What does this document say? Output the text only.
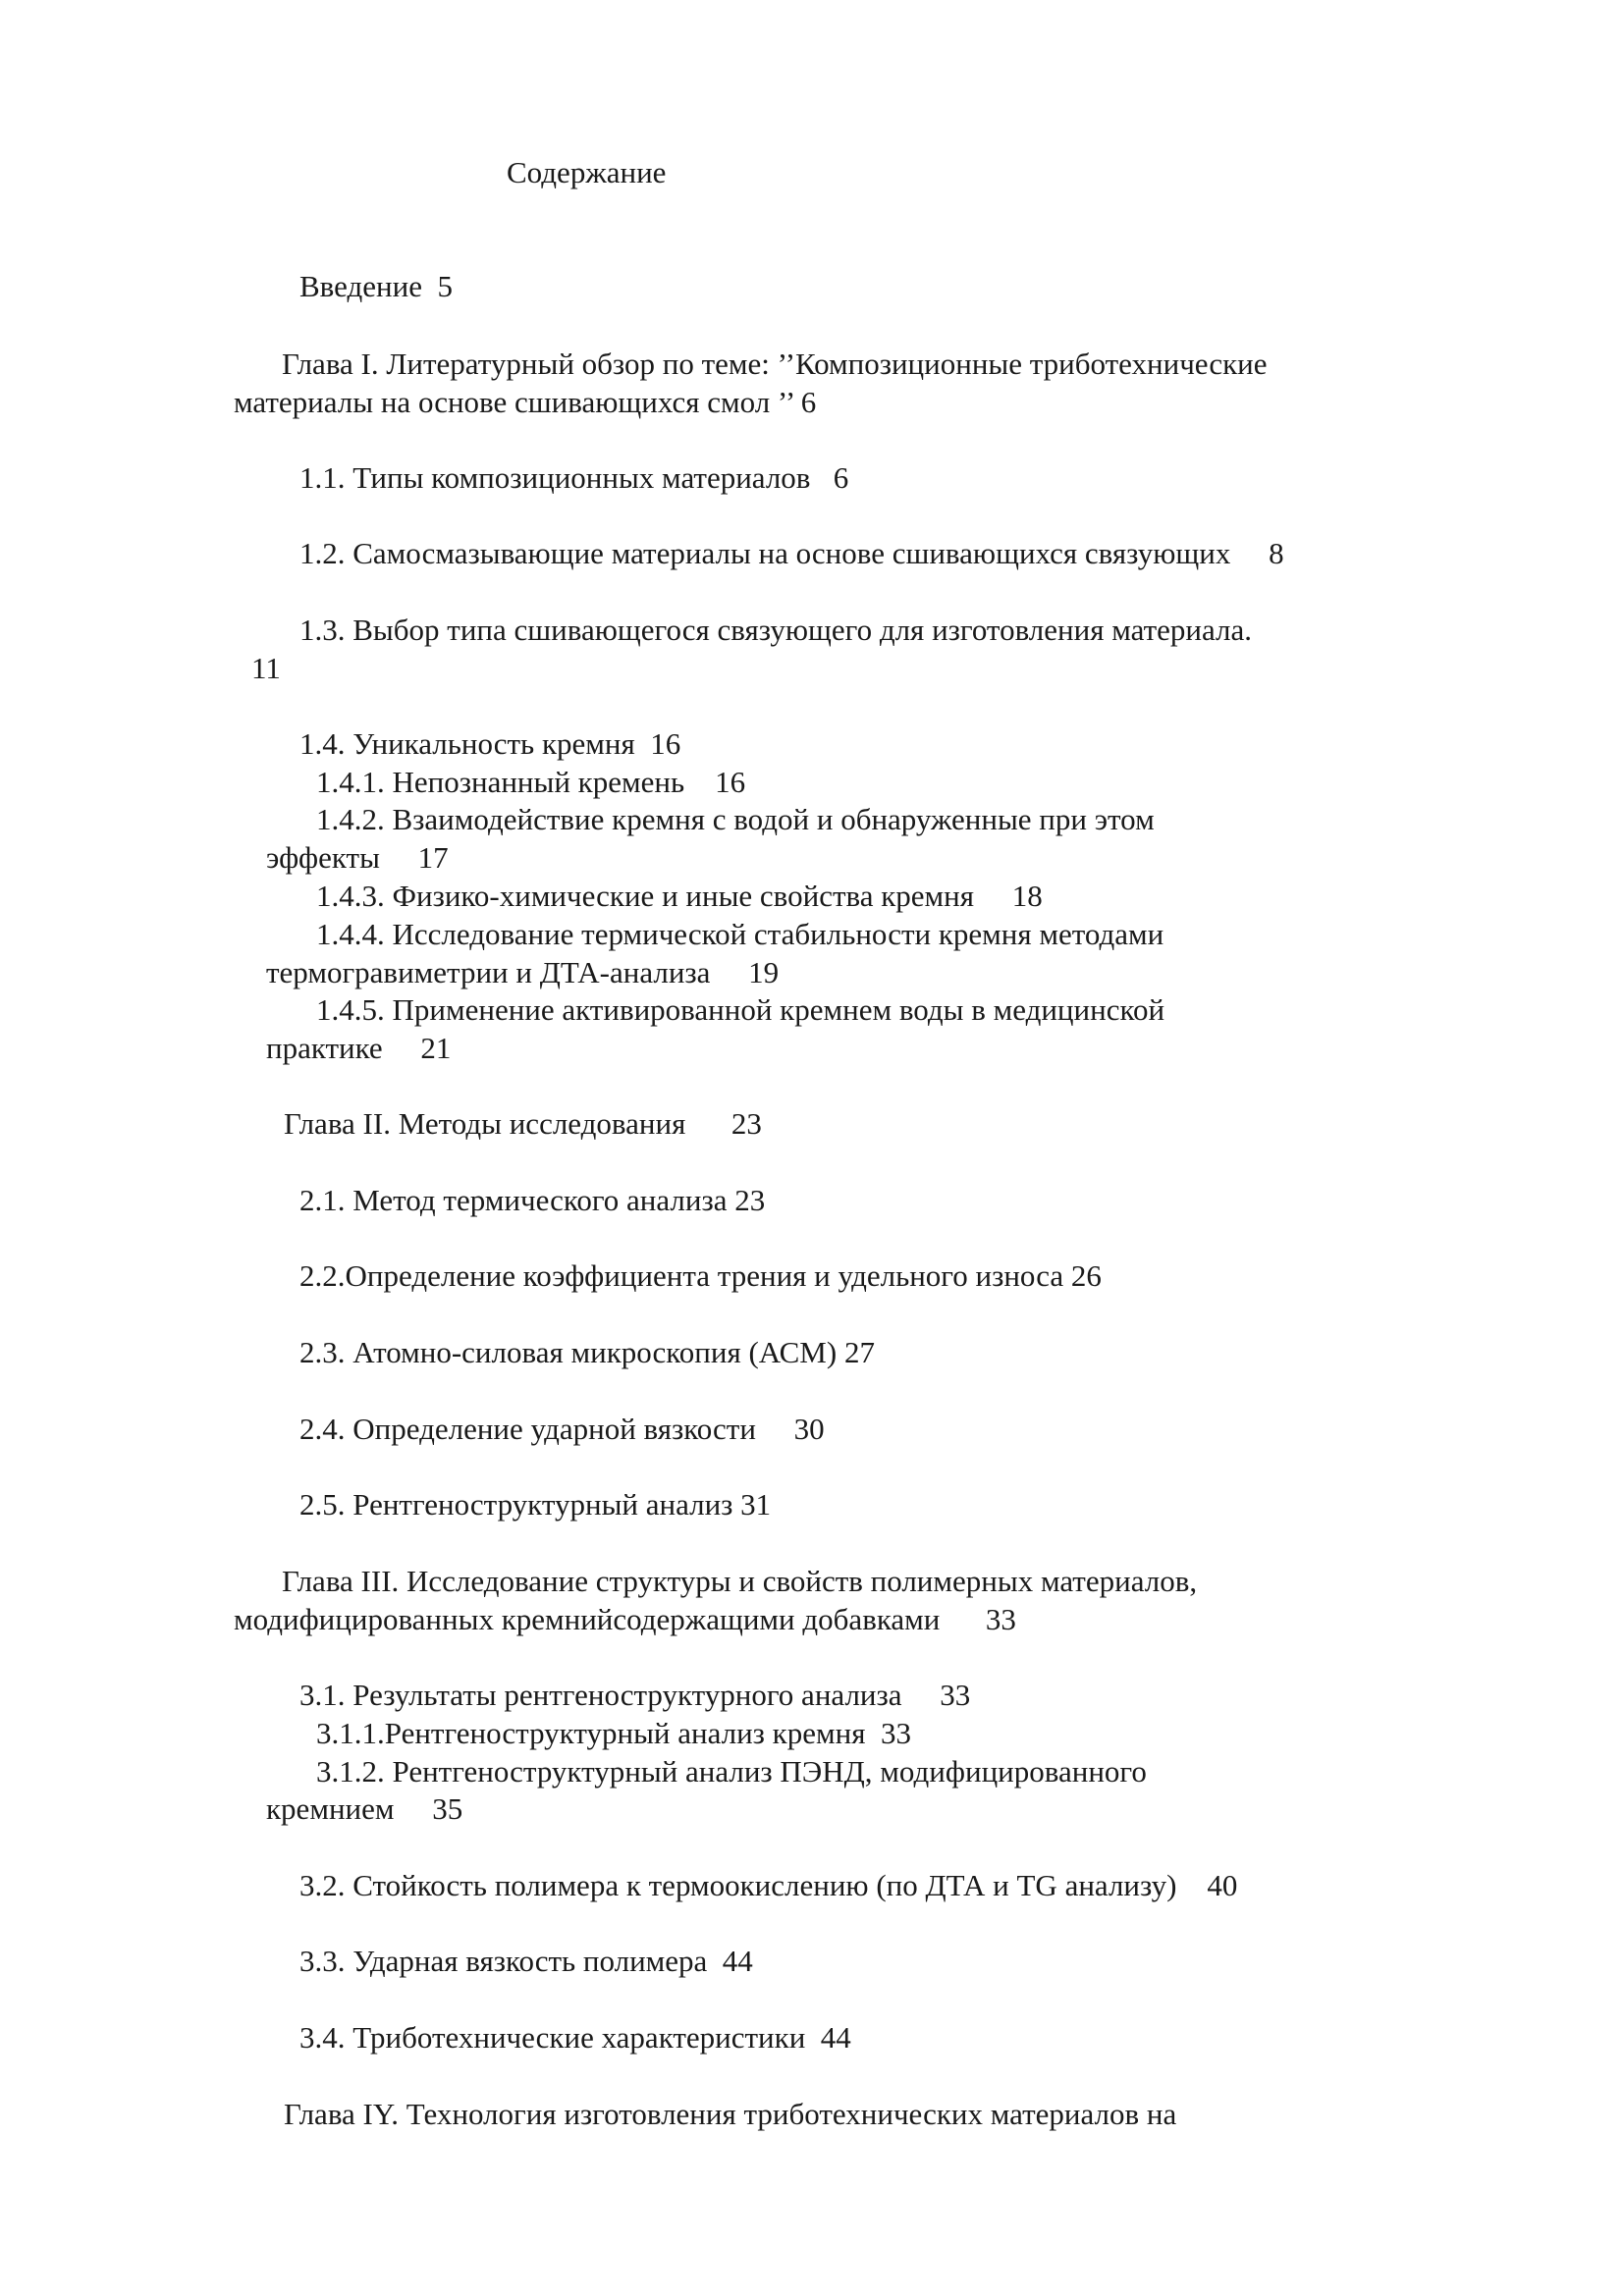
Содержание
Введение  5
Глава I. Литературный обзор по теме: ’’Композиционные триботехнические
материалы на основе сшивающихся смол ’’ 6
1.1. Типы композиционных материалов   6
1.2. Самосмазывающие материалы на основе сшивающихся связующих     8
1.3. Выбор типа сшивающегося связующего для изготовления материала.
11
1.4. Уникальность кремня  16
1.4.1. Непознанный кремень    16
1.4.2. Взаимодействие кремня с водой и обнаруженные при этом
эффекты     17
1.4.3. Физико-химические и иные свойства кремня     18
1.4.4. Исследование термической стабильности кремня методами
термогравиметрии и ДТА-анализа     19
1.4.5. Применение активированной кремнем воды в медицинской
практике     21
Глава II. Методы исследования      23
2.1. Метод термического анализа 23
2.2.Определение коэффициента трения и удельного износа 26
2.3. Атомно-силовая микроскопия (АСМ) 27
2.4. Определение ударной вязкости     30
2.5. Рентгеноструктурный анализ 31
Глава III. Исследование структуры и свойств полимерных материалов,
модифицированных кремнийсодержащими добавками      33
3.1. Результаты рентгеноструктурного анализа     33
3.1.1.Рентгеноструктурный анализ кремня  33
3.1.2. Рентгеноструктурный анализ ПЭНД, модифицированного
кремнием     35
3.2. Стойкость полимера к термоокислению (по ДТА и TG анализу)    40
3.3. Ударная вязкость полимера  44
3.4. Триботехнические характеристики  44
Глава IY. Технология изготовления триботехнических материалов на
